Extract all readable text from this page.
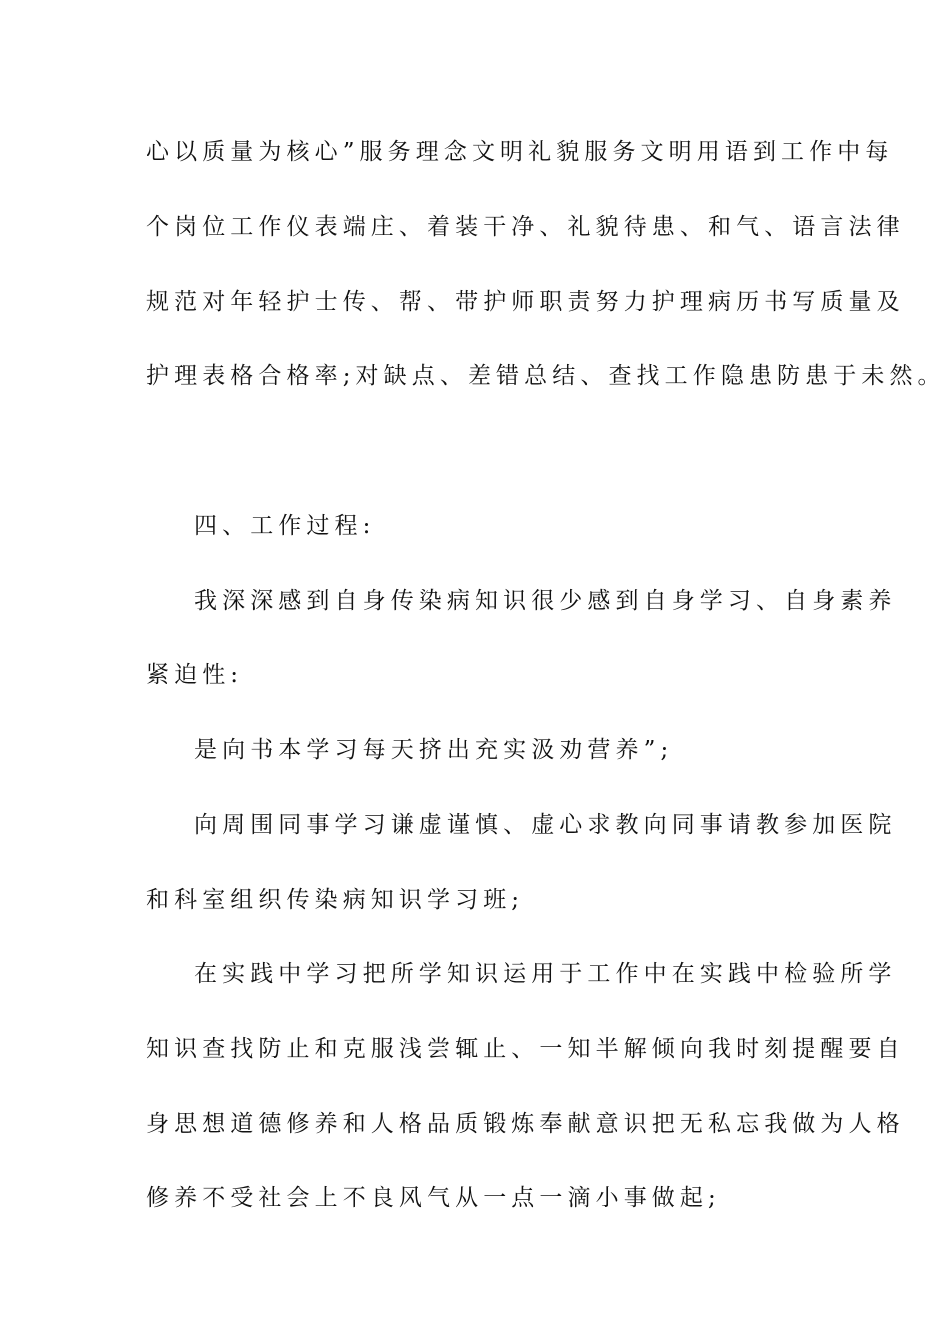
心以质量为核心”服务理念文明礼貌服务文明用语到工作中每
个岗位工作仪表端庄、着装干净、礼貌待患、和气、语言法律
规范对年轻护士传、帮、带护师职责努力护理病历书写质量及
护理表格合格率;对缺点、差错总结、查找工作隐患防患于未然。
四、工作过程:
我深深感到自身传染病知识很少感到自身学习、自身素养
紧迫性:
是向书本学习每天挤出充实汲劝营养”;
向周围同事学习谦虚谨慎、虚心求教向同事请教参加医院
和科室组织传染病知识学习班;
在实践中学习把所学知识运用于工作中在实践中检验所学
知识查找防止和克服浅尝辄止、一知半解倾向我时刻提醒要自
身思想道德修养和人格品质锻炼奉献意识把无私忘我做为人格
修养不受社会上不良风气从一点一滴小事做起;
